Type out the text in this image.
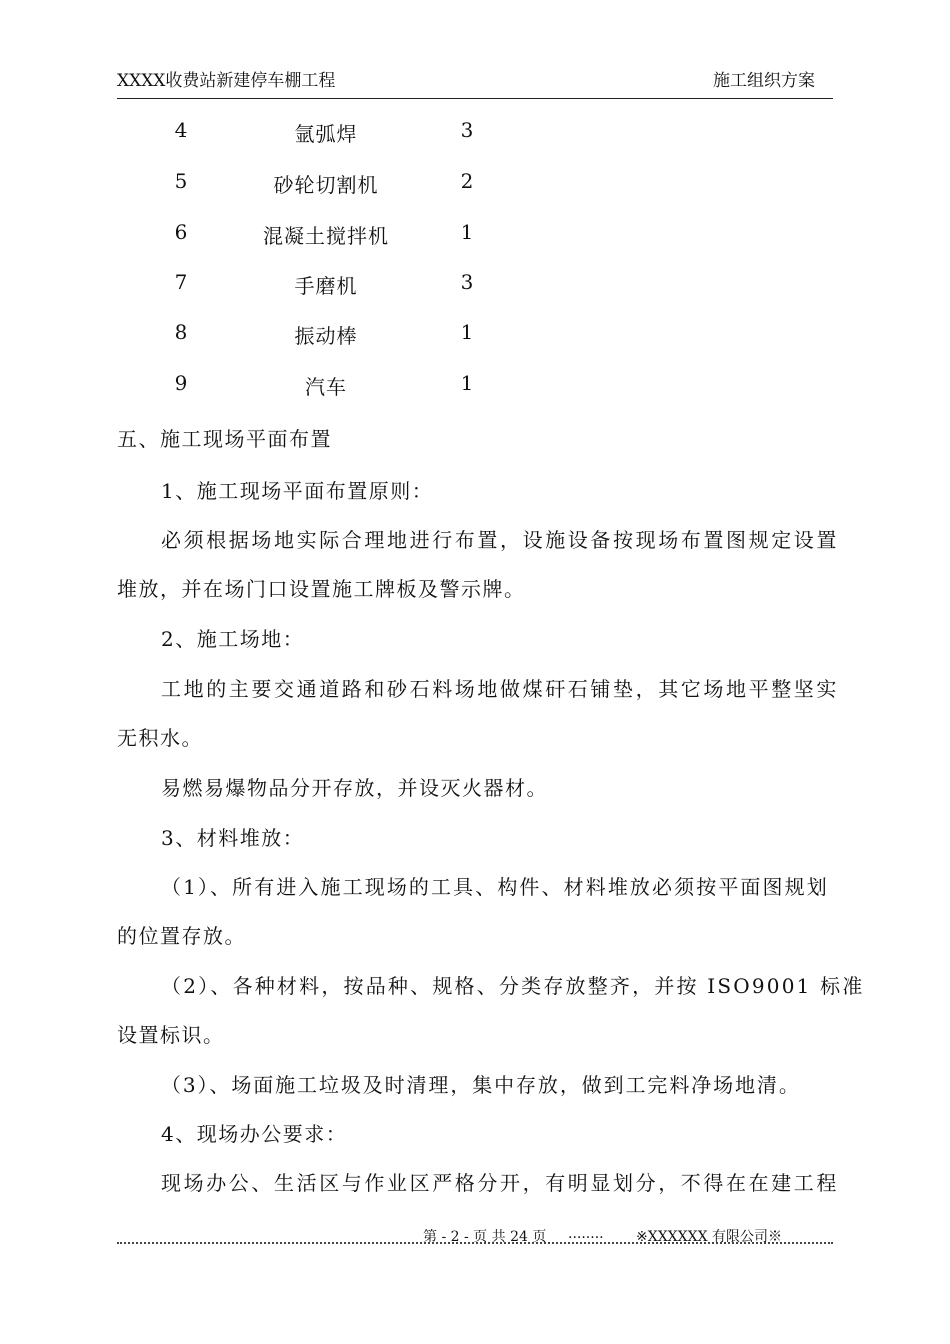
XXXX收费站新建停车棚工程	施工组织方案
4	氩弧焊	3
5	砂轮切割机	2
6	混凝土搅拌机	1
7	手磨机	3
8	振动棒	1
9	汽车	1
五、施工现场平面布置
1、施工现场平面布置原则：
必须根据场地实际合理地进行布置，设施设备按现场布置图规定设置
堆放，并在场门口设置施工牌板及警示牌。
2、施工场地：
工地的主要交通道路和砂石料场地做煤矸石铺垫，其它场地平整坚实
无积水。
易燃易爆物品分开存放，并设灭火器材。
3、材料堆放：
（1）、所有进入施工现场的工具、构件、材料堆放必须按平面图规划
的位置存放。
（2）、各种材料，按品种、规格、分类存放整齐，并按 ISO9001 标准
设置标识。
（3）、场面施工垃圾及时清理，集中存放，做到工完料净场地清。
4、现场办公要求：
现场办公、生活区与作业区严格分开，有明显划分，不得在在建工程
第 - 2 - 页 共 24 页 ........ ※XXXXXX 有限公司※
